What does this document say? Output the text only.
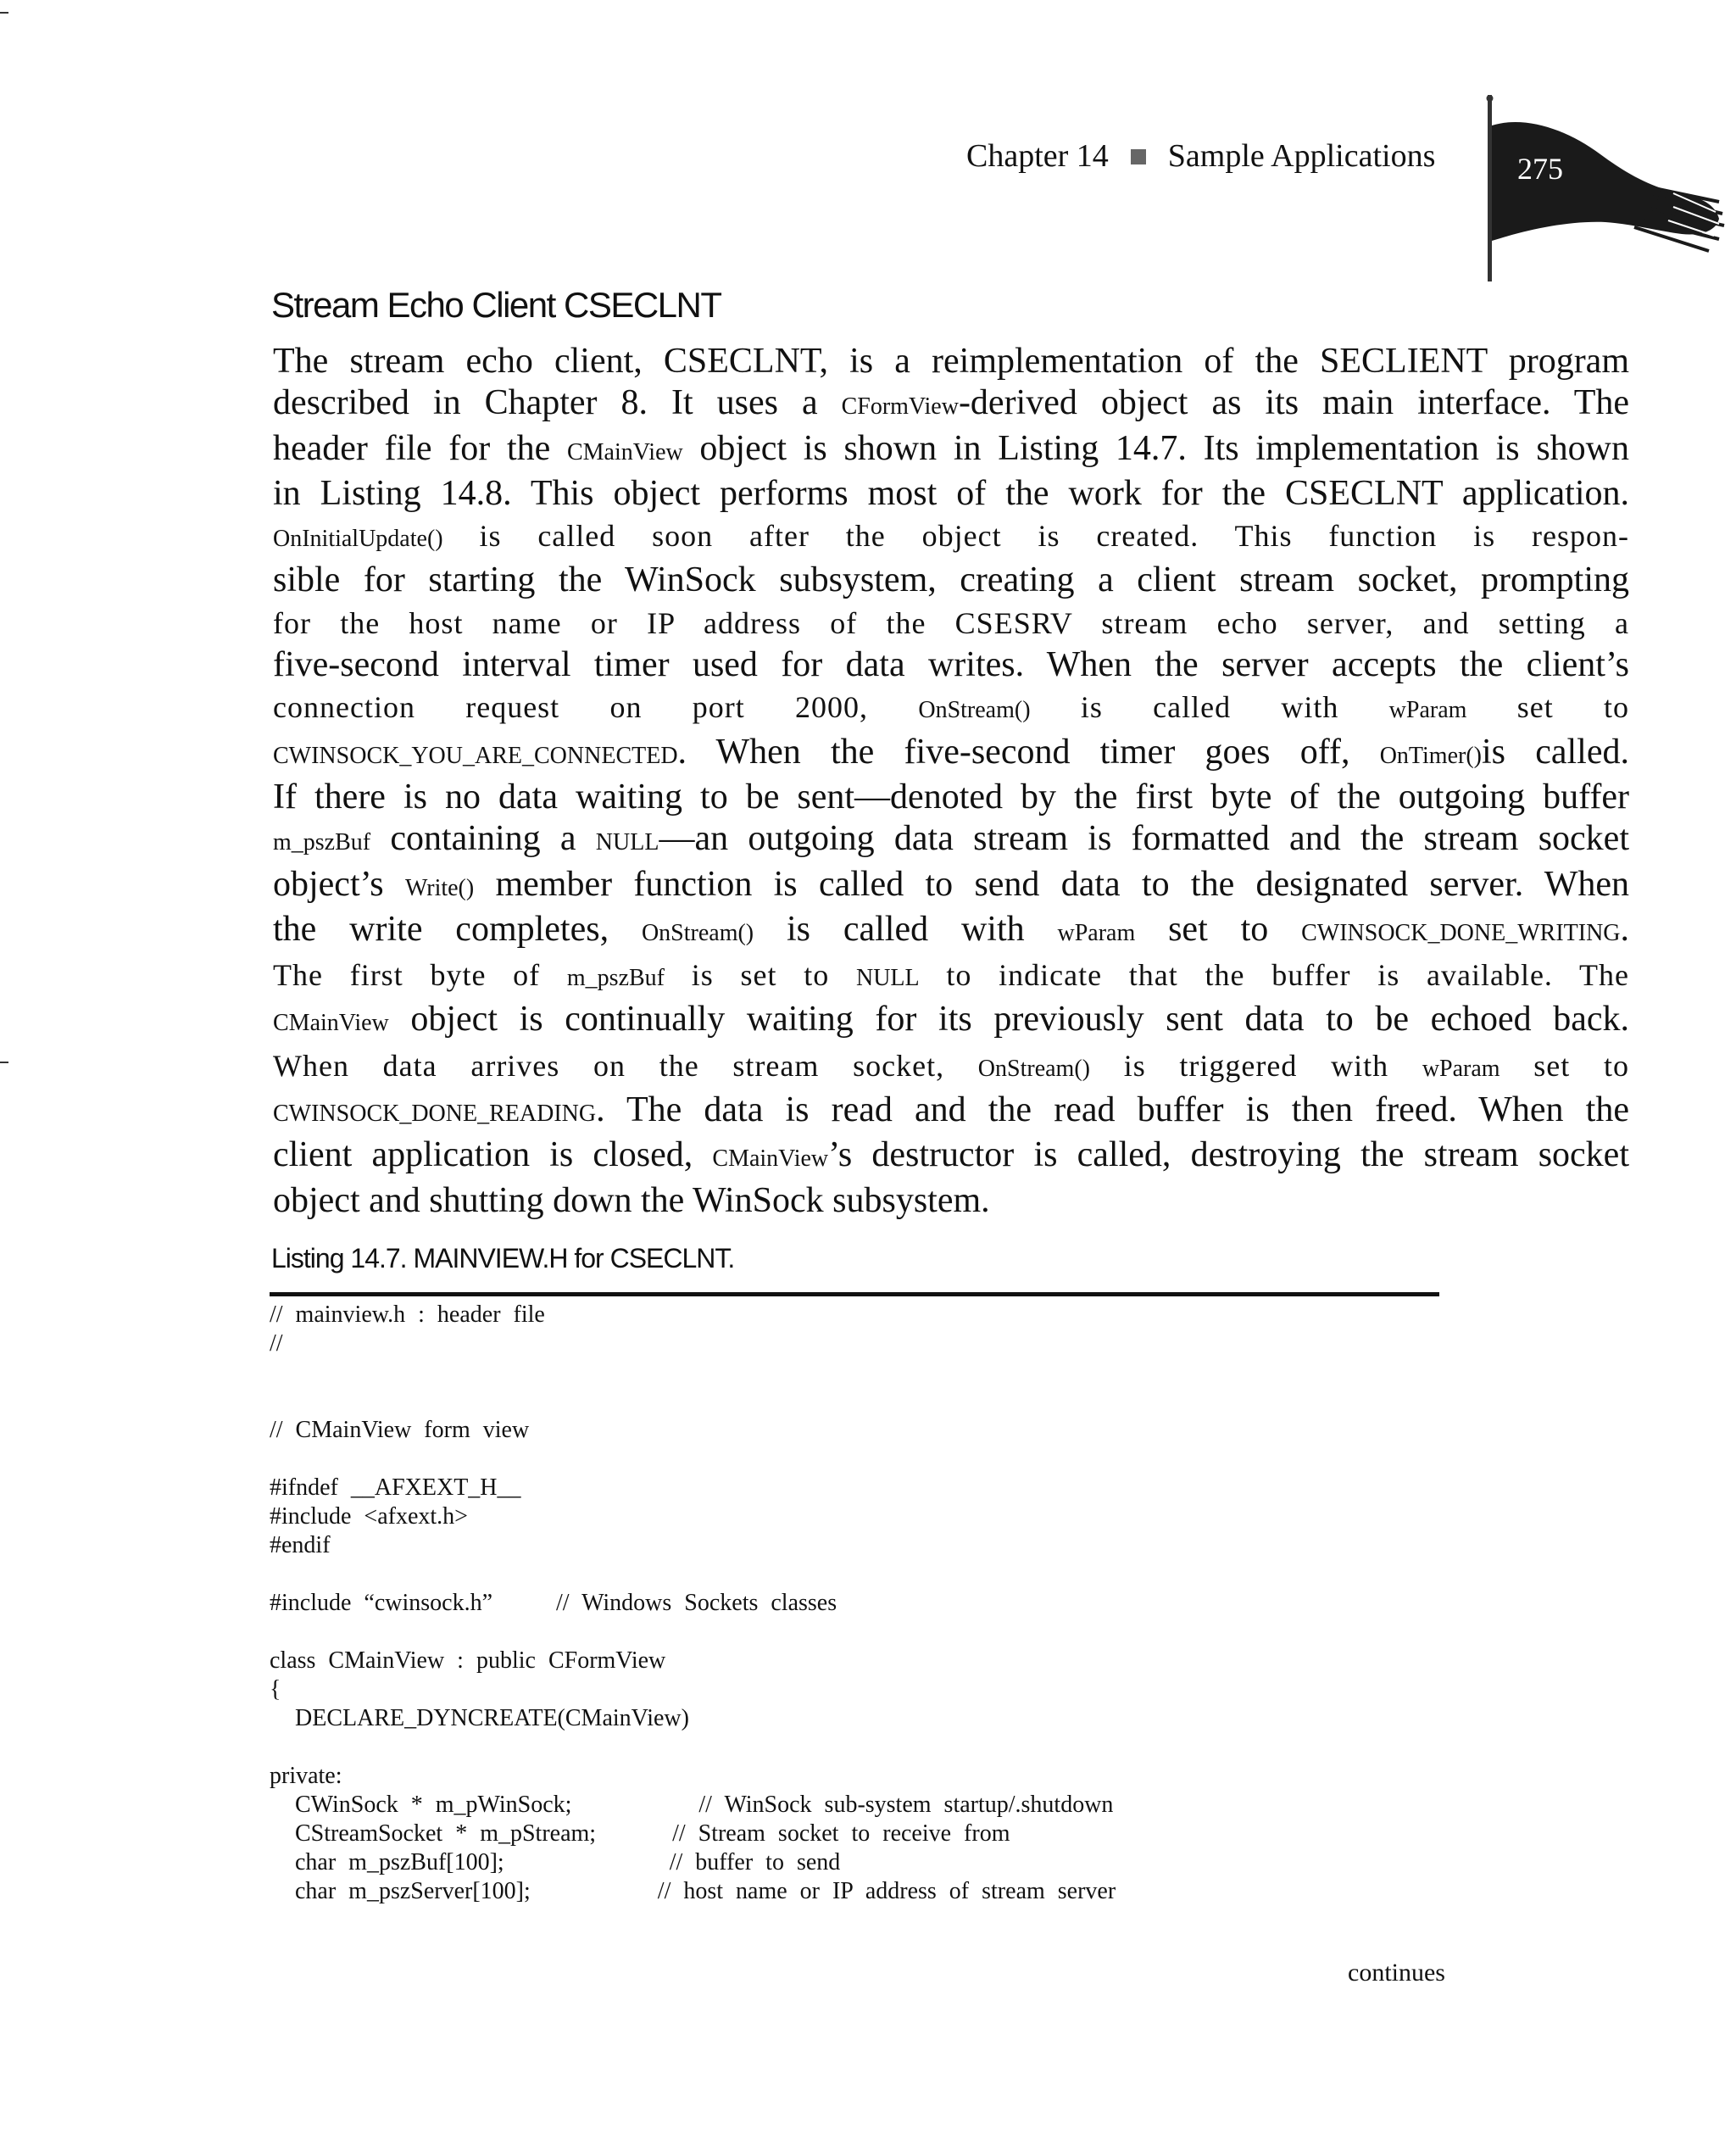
Chapter 14 Sample Applications	275
Stream Echo Client CSECLNT
The stream echo client, CSECLNT, is a reimplementation of the SECLIENT program
described in Chapter 8. It uses a CFormView-derived object as its main interface. The
header file for the CMainView object is shown in Listing 14.7. Its implementation is shown
in Listing 14.8. This object performs most of the work for the CSECLNT application.
OnInitialUpdate() is called soon after the object is created. This function is respon-
sible for starting the WinSock subsystem, creating a client stream socket, prompting
for the host name or IP address of the CSESRV stream echo server, and setting a
five-second interval timer used for data writes. When the server accepts the client’s
connection request on port 2000, OnStream() is called with wParam set to
CWINSOCK_YOU_ARE_CONNECTED. When the five-second timer goes off, OnTimer()is called.
If there is no data waiting to be sent—denoted by the first byte of the outgoing buffer
m_pszBuf containing a NULL—an outgoing data stream is formatted and the stream socket
object’s Write() member function is called to send data to the designated server. When
the write completes, OnStream() is called with wParam set to CWINSOCK_DONE_WRITING.
The first byte of m_pszBuf is set to NULL to indicate that the buffer is available. The
CMainView object is continually waiting for its previously sent data to be echoed back.
When data arrives on the stream socket, OnStream() is triggered with wParam set to
CWINSOCK_DONE_READING. The data is read and the read buffer is then freed. When the
client application is closed, CMainView’s destructor is called, destroying the stream socket
object and shutting down the WinSock subsystem.
Listing 14.7. MAINVIEW.H for CSECLNT.
// mainview.h : header file
//
// CMainView form view
#ifndef __AFXEXT_H__
#include <afxext.h>
#endif
#include “cwinsock.h”     // Windows Sockets classes
class CMainView : public CFormView
{
DECLARE_DYNCREATE(CMainView)
private:
CWinSock * m_pWinSock;          // WinSock sub-system startup/.shutdown
CStreamSocket * m_pStream;      // Stream socket to receive from
char m_pszBuf[100];             // buffer to send
char m_pszServer[100];          // host name or IP address of stream server
continues
